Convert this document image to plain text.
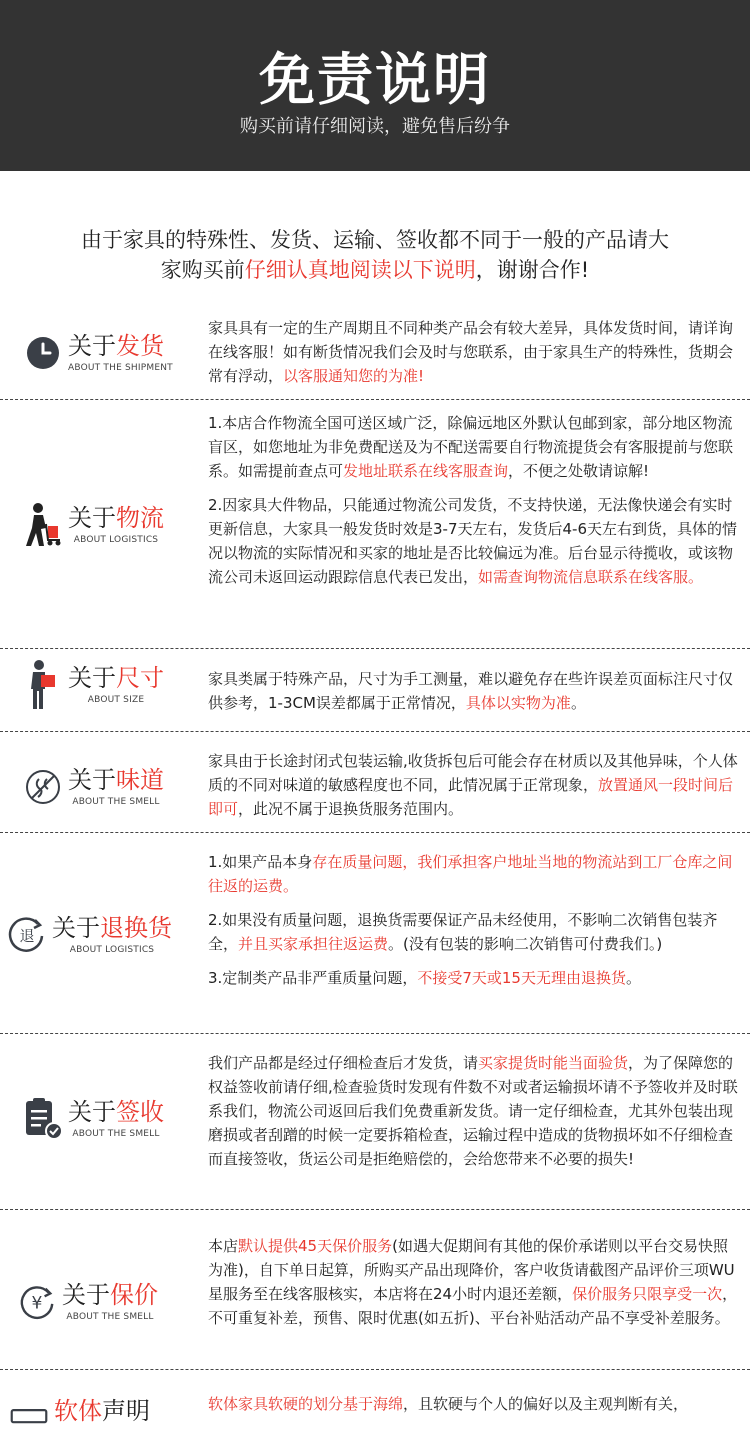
免责说明
购买前请仔细阅读，避免售后纷争
由于家具的特殊性、发货、运输、签收都不同于一般的产品请大
家购买前仔细认真地阅读以下说明，谢谢合作!
关于发货
ABOUT THE SHIPMENT
家具具有一定的生产周期且不同种类产品会有较大差异，具体发货时间，请详询在线客服！如有断货情况我们会及时与您联系，由于家具生产的特殊性，货期会常有浮动，以客服通知您的为准!
关于物流
ABOUT LOGISTICS

1.本店合作物流全国可送区域广泛，除偏远地区外默认包邮到家，部分地区物流盲区，如您地址为非免费配送及为不配送需要自行物流提货会有客服提前与您联系。如需提前查点可发地址联系在线客服查询，不便之处敬请谅解!

2.因家具大件物品，只能通过物流公司发货，不支持快递，无法像快递会有实时更新信息，大家具一般发货时效是3-7天左右，发货后4-6天左右到货，具体的情况以物流的实际情况和买家的地址是否比较偏远为准。后台显示待揽收，或该物流公司未返回运动跟踪信息代表已发出，如需查询物流信息联系在线客服。

关于尺寸
ABOUT SIZE
家具类属于特殊产品，尺寸为手工测量，难以避免存在些许误差页面标注尺寸仅供参考，1-3CM误差都属于正常情况，具体以实物为准。
关于味道
ABOUT THE SMELL
家具由于长途封闭式包装运输,收货拆包后可能会存在材质以及其他异味，个人体质的不同对味道的敏感程度也不同，此情况属于正常现象，放置通风一段时间后即可，此况不属于退换货服务范围内。
退 关于退换货
ABOUT LOGISTICS

1.如果产品本身存在质量问题，我们承担客户地址当地的物流站到工厂仓库之间往返的运费。

2.如果没有质量问题，退换货需要保证产品未经使用，不影响二次销售包装齐全，并且买家承担往返运费。(没有包装的影响二次销售可付费我们。)

3.定制类产品非严重质量问题，不接受7天或15天无理由退换货。

关于签收
ABOUT THE SMELL
我们产品都是经过仔细检查后才发货，请买家提货时能当面验货，为了保障您的权益签收前请仔细,检查验货时发现有件数不对或者运输损坏请不予签收并及时联系我们，物流公司返回后我们免费重新发货。请一定仔细检查，尤其外包装出现磨损或者刮蹭的时候一定要拆箱检查，运输过程中造成的货物损坏如不仔细检查而直接签收，货运公司是拒绝赔偿的，会给您带来不必要的损失!
¥ 关于保价
ABOUT THE SMELL
本店默认提供45天保价服务(如遇大促期间有其他的保价承诺则以平台交易快照为准)，自下单日起算，所购买产品出现降价，客户收货请截图产品评价三项WU星服务至在线客服核实，本店将在24小时内退还差额，保价服务只限享受一次，不可重复补差，预售、限时优惠(如五折)、平台补贴活动产品不享受补差服务。
软体声明	软体家具软硬的划分基于海绵，且软硬与个人的偏好以及主观判断有关，
